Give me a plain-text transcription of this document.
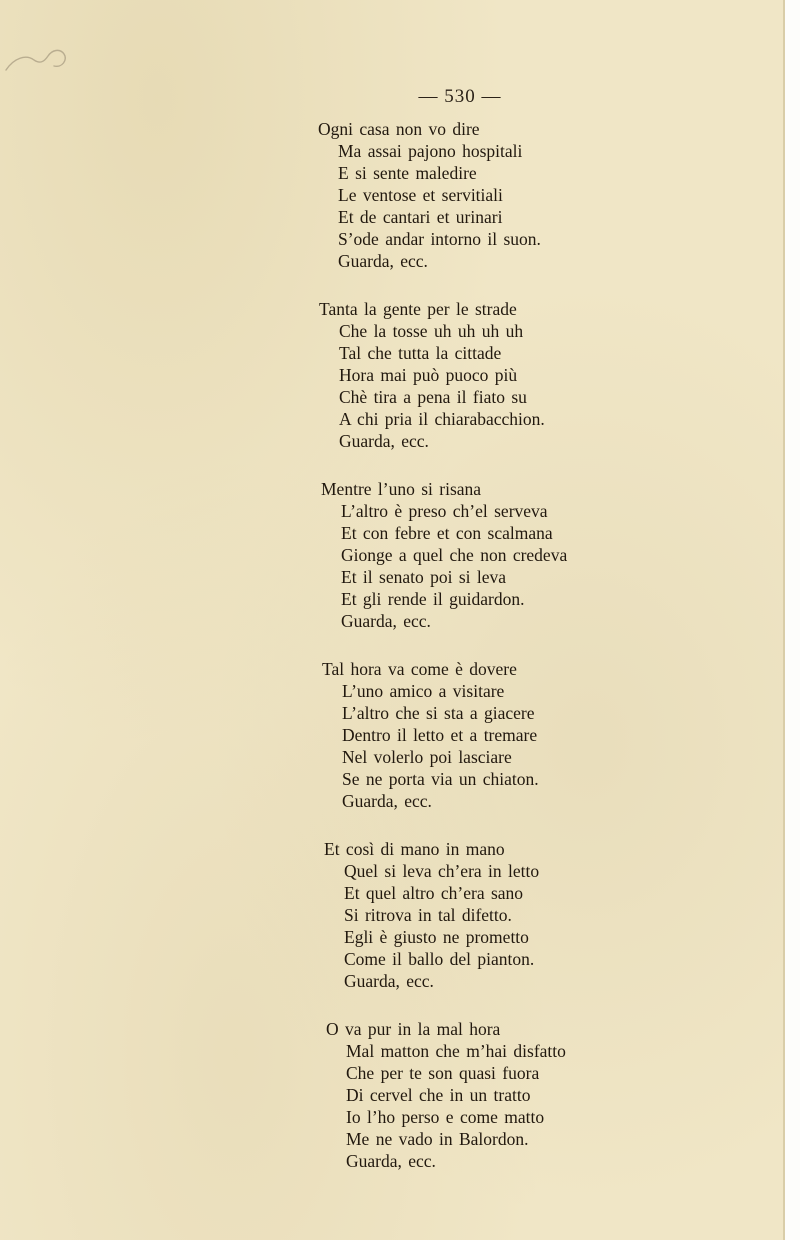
— 530 —
Ogni casa non vo dire
Ma assai pajono hospitali
E si sente maledire
Le ventose et servitiali
Et de cantari et urinari
S’ode andar intorno il suon.
Guarda, ecc.
Tanta la gente per le strade
Che la tosse uh uh uh uh
Tal che tutta la cittade
Hora mai può puoco più
Chè tira a pena il fiato su
A chi pria il chiarabacchion.
Guarda, ecc.
Mentre l’uno si risana
L’altro è preso ch’el serveva
Et con febre et con scalmana
Gionge a quel che non credeva
Et il senato poi si leva
Et gli rende il guidardon.
Guarda, ecc.
Tal hora va come è dovere
L’uno amico a visitare
L’altro che si sta a giacere
Dentro il letto et a tremare
Nel volerlo poi lasciare
Se ne porta via un chiaton.
Guarda, ecc.
Et così di mano in mano
Quel si leva ch’era in letto
Et quel altro ch’era sano
Si ritrova in tal difetto.
Egli è giusto ne prometto
Come il ballo del pianton.
Guarda, ecc.
O va pur in la mal hora
Mal matton che m’hai disfatto
Che per te son quasi fuora
Di cervel che in un tratto
Io l’ho perso e come matto
Me ne vado in Balordon.
Guarda, ecc.
